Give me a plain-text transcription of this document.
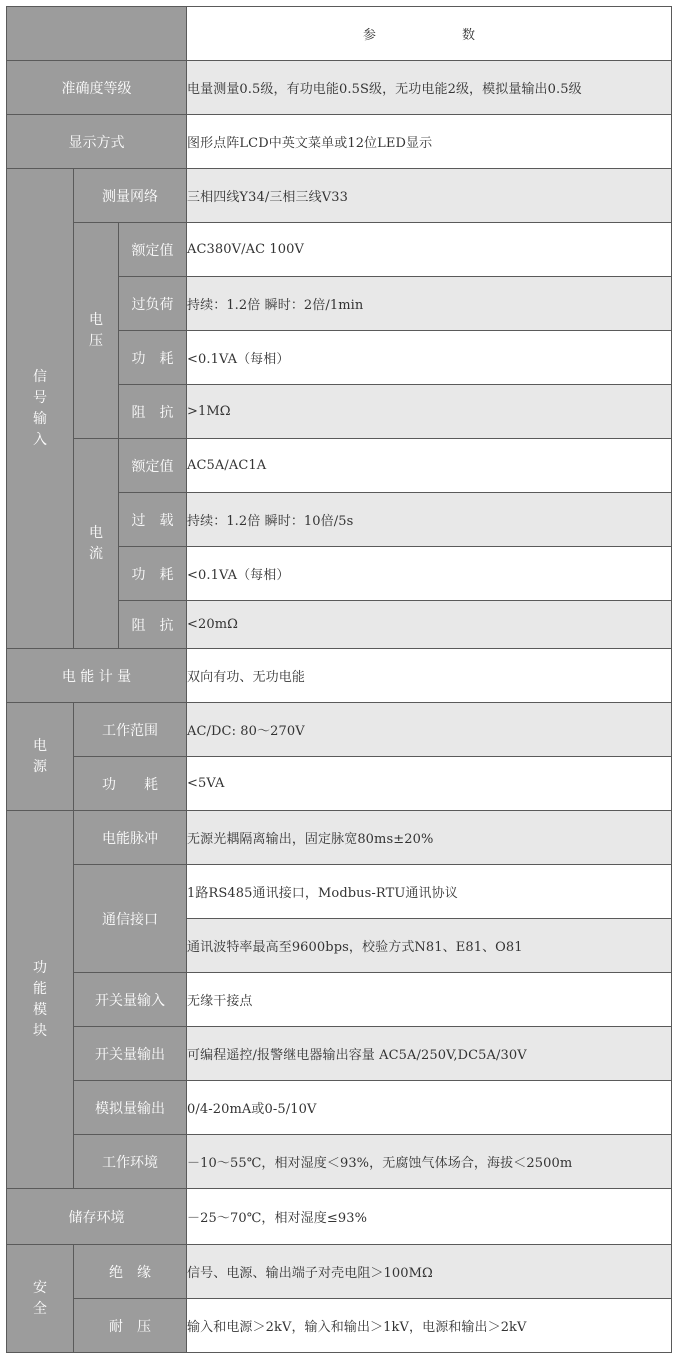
			参　　数
准确度等级			电量测量0.5级，有功电能0.5S级，无功电能2级，模拟量输出0.5级
显示方式			图形点阵LCD中英文菜单或12位LED显示

信号输入	测量网络		三相四线Y34/三相三线V33

	电压	额定值	AC380V/AC 100V
		过负荷	持续：1.2倍 瞬时：2倍/1min
		功　耗	<0.1VA（每相）
		阻　抗	>1MΩ

	电流	额定值	AC5A/AC1A
		过　载	持续：1.2倍 瞬时：10倍/5s
		功　耗	<0.1VA（每相）
		阻　抗	<20mΩ
电 能 计 量			双向有功、无功电能

电源	工作范围		AC/DC: 80～270V
	功　　耗		<5VA

功能模块	电能脉冲		无源光耦隔离输出，固定脉宽80ms±20%
	通信接口		1路RS485通讯接口，Modbus-RTU通讯协议
			通讯波特率最高至9600bps，校验方式N81、E81、O81
	开关量输入		无缘干接点
	开关量输出		可编程遥控/报警继电器输出容量 AC5A/250V,DC5A/30V
	模拟量输出		0/4-20mA或0-5/10V
	工作环境		－10～55℃，相对湿度＜93%，无腐蚀气体场合，海拔＜2500m
储存环境			－25～70℃，相对湿度≤93%

安全	绝　缘		信号、电源、输出端子对壳电阻＞100MΩ
	耐　压		输入和电源＞2kV，输入和输出＞1kV，电源和输出＞2kV
